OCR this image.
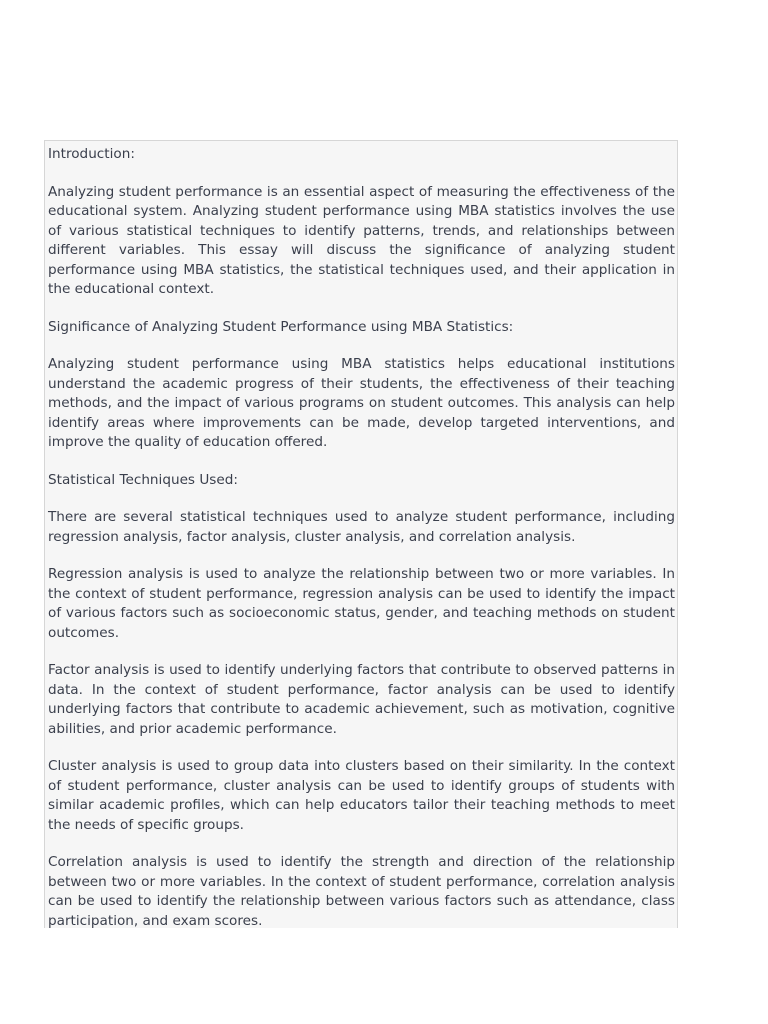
Introduction:

Analyzing student performance is an essential aspect of measuring the effectiveness of the educational system. Analyzing student performance using MBA statistics involves the use of various statistical techniques to identify patterns, trends, and relationships between different variables. This essay will discuss the significance of analyzing student performance using MBA statistics, the statistical techniques used, and their application in the educational context.

Significance of Analyzing Student Performance using MBA Statistics:

Analyzing student performance using MBA statistics helps educational institutions understand the academic progress of their students, the effectiveness of their teaching methods, and the impact of various programs on student outcomes. This analysis can help identify areas where improvements can be made, develop targeted interventions, and improve the quality of education offered.

Statistical Techniques Used:

There are several statistical techniques used to analyze student performance, including regression analysis, factor analysis, cluster analysis, and correlation analysis.

Regression analysis is used to analyze the relationship between two or more variables. In the context of student performance, regression analysis can be used to identify the impact of various factors such as socioeconomic status, gender, and teaching methods on student outcomes.

Factor analysis is used to identify underlying factors that contribute to observed patterns in data. In the context of student performance, factor analysis can be used to identify underlying factors that contribute to academic achievement, such as motivation, cognitive abilities, and prior academic performance.

Cluster analysis is used to group data into clusters based on their similarity. In the context of student performance, cluster analysis can be used to identify groups of students with similar academic profiles, which can help educators tailor their teaching methods to meet the needs of specific groups.

Correlation analysis is used to identify the strength and direction of the relationship between two or more variables. In the context of student performance, correlation analysis can be used to identify the relationship between various factors such as attendance, class participation, and exam scores.
